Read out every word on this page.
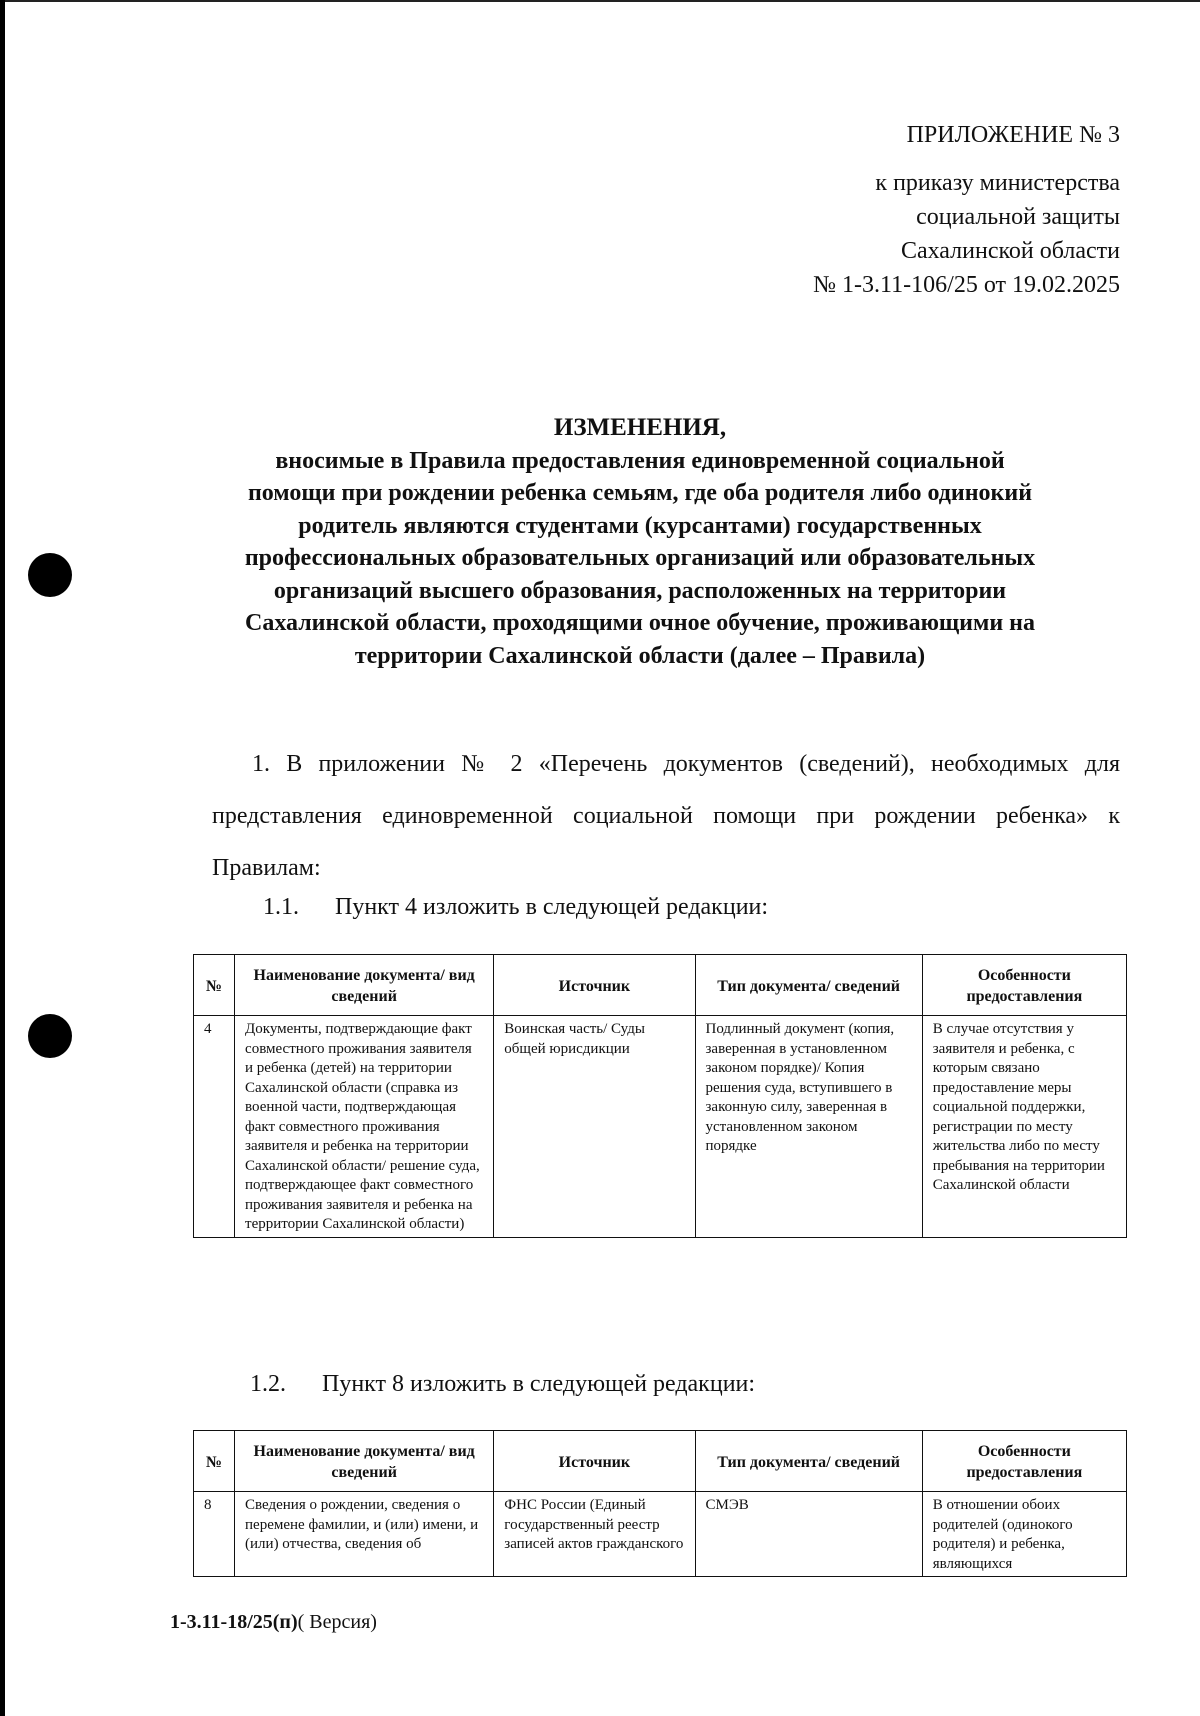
ПРИЛОЖЕНИЕ № 3
к приказу министерства
социальной защиты
Сахалинской области
№ 1-3.11-106/25 от 19.02.2025
ИЗМЕНЕНИЯ,
вносимые в Правила предоставления единовременной социальной
помощи при рождении ребенка семьям, где оба родителя либо одинокий
родитель являются студентами (курсантами) государственных
профессиональных образовательных организаций или образовательных
организаций высшего образования, расположенных на территории
Сахалинской области, проходящими очное обучение, проживающими на
территории Сахалинской области (далее – Правила)
1. В приложении № 2 «Перечень документов (сведений), необходимых для представления единовременной социальной помощи при рождении ребенка» к Правилам:
1.1. Пункт 4 изложить в следующей редакции:
№	Наименование документа/ вид сведений	Источник	Тип документа/ сведений	Особенности предоставления
4	Документы, подтверждающие факт совместного проживания заявителя и ребенка (детей) на территории Сахалинской области (справка из военной части, подтверждающая факт совместного проживания заявителя и ребенка на территории Сахалинской области/ решение суда, подтверждающее факт совместного проживания заявителя и ребенка на территории Сахалинской области)	Воинская часть/ Суды общей юрисдикции	Подлинный документ (копия, заверенная в установленном законом порядке)/ Копия решения суда, вступившего в законную силу, заверенная в установленном законом порядке	В случае отсутствия у заявителя и ребенка, с которым связано предоставление меры социальной поддержки, регистрации по месту жительства либо по месту пребывания на территории Сахалинской области
1.2. Пункт 8 изложить в следующей редакции:
№	Наименование документа/ вид сведений	Источник	Тип документа/ сведений	Особенности предоставления
8	Сведения о рождении, сведения о перемене фамилии, и (или) имени, и (или) отчества, сведения об	ФНС России (Единый государственный реестр записей актов гражданского	СМЭВ	В отношении обоих родителей (одинокого родителя) и ребенка, являющихся
1-3.11-18/25(п)( Версия)
